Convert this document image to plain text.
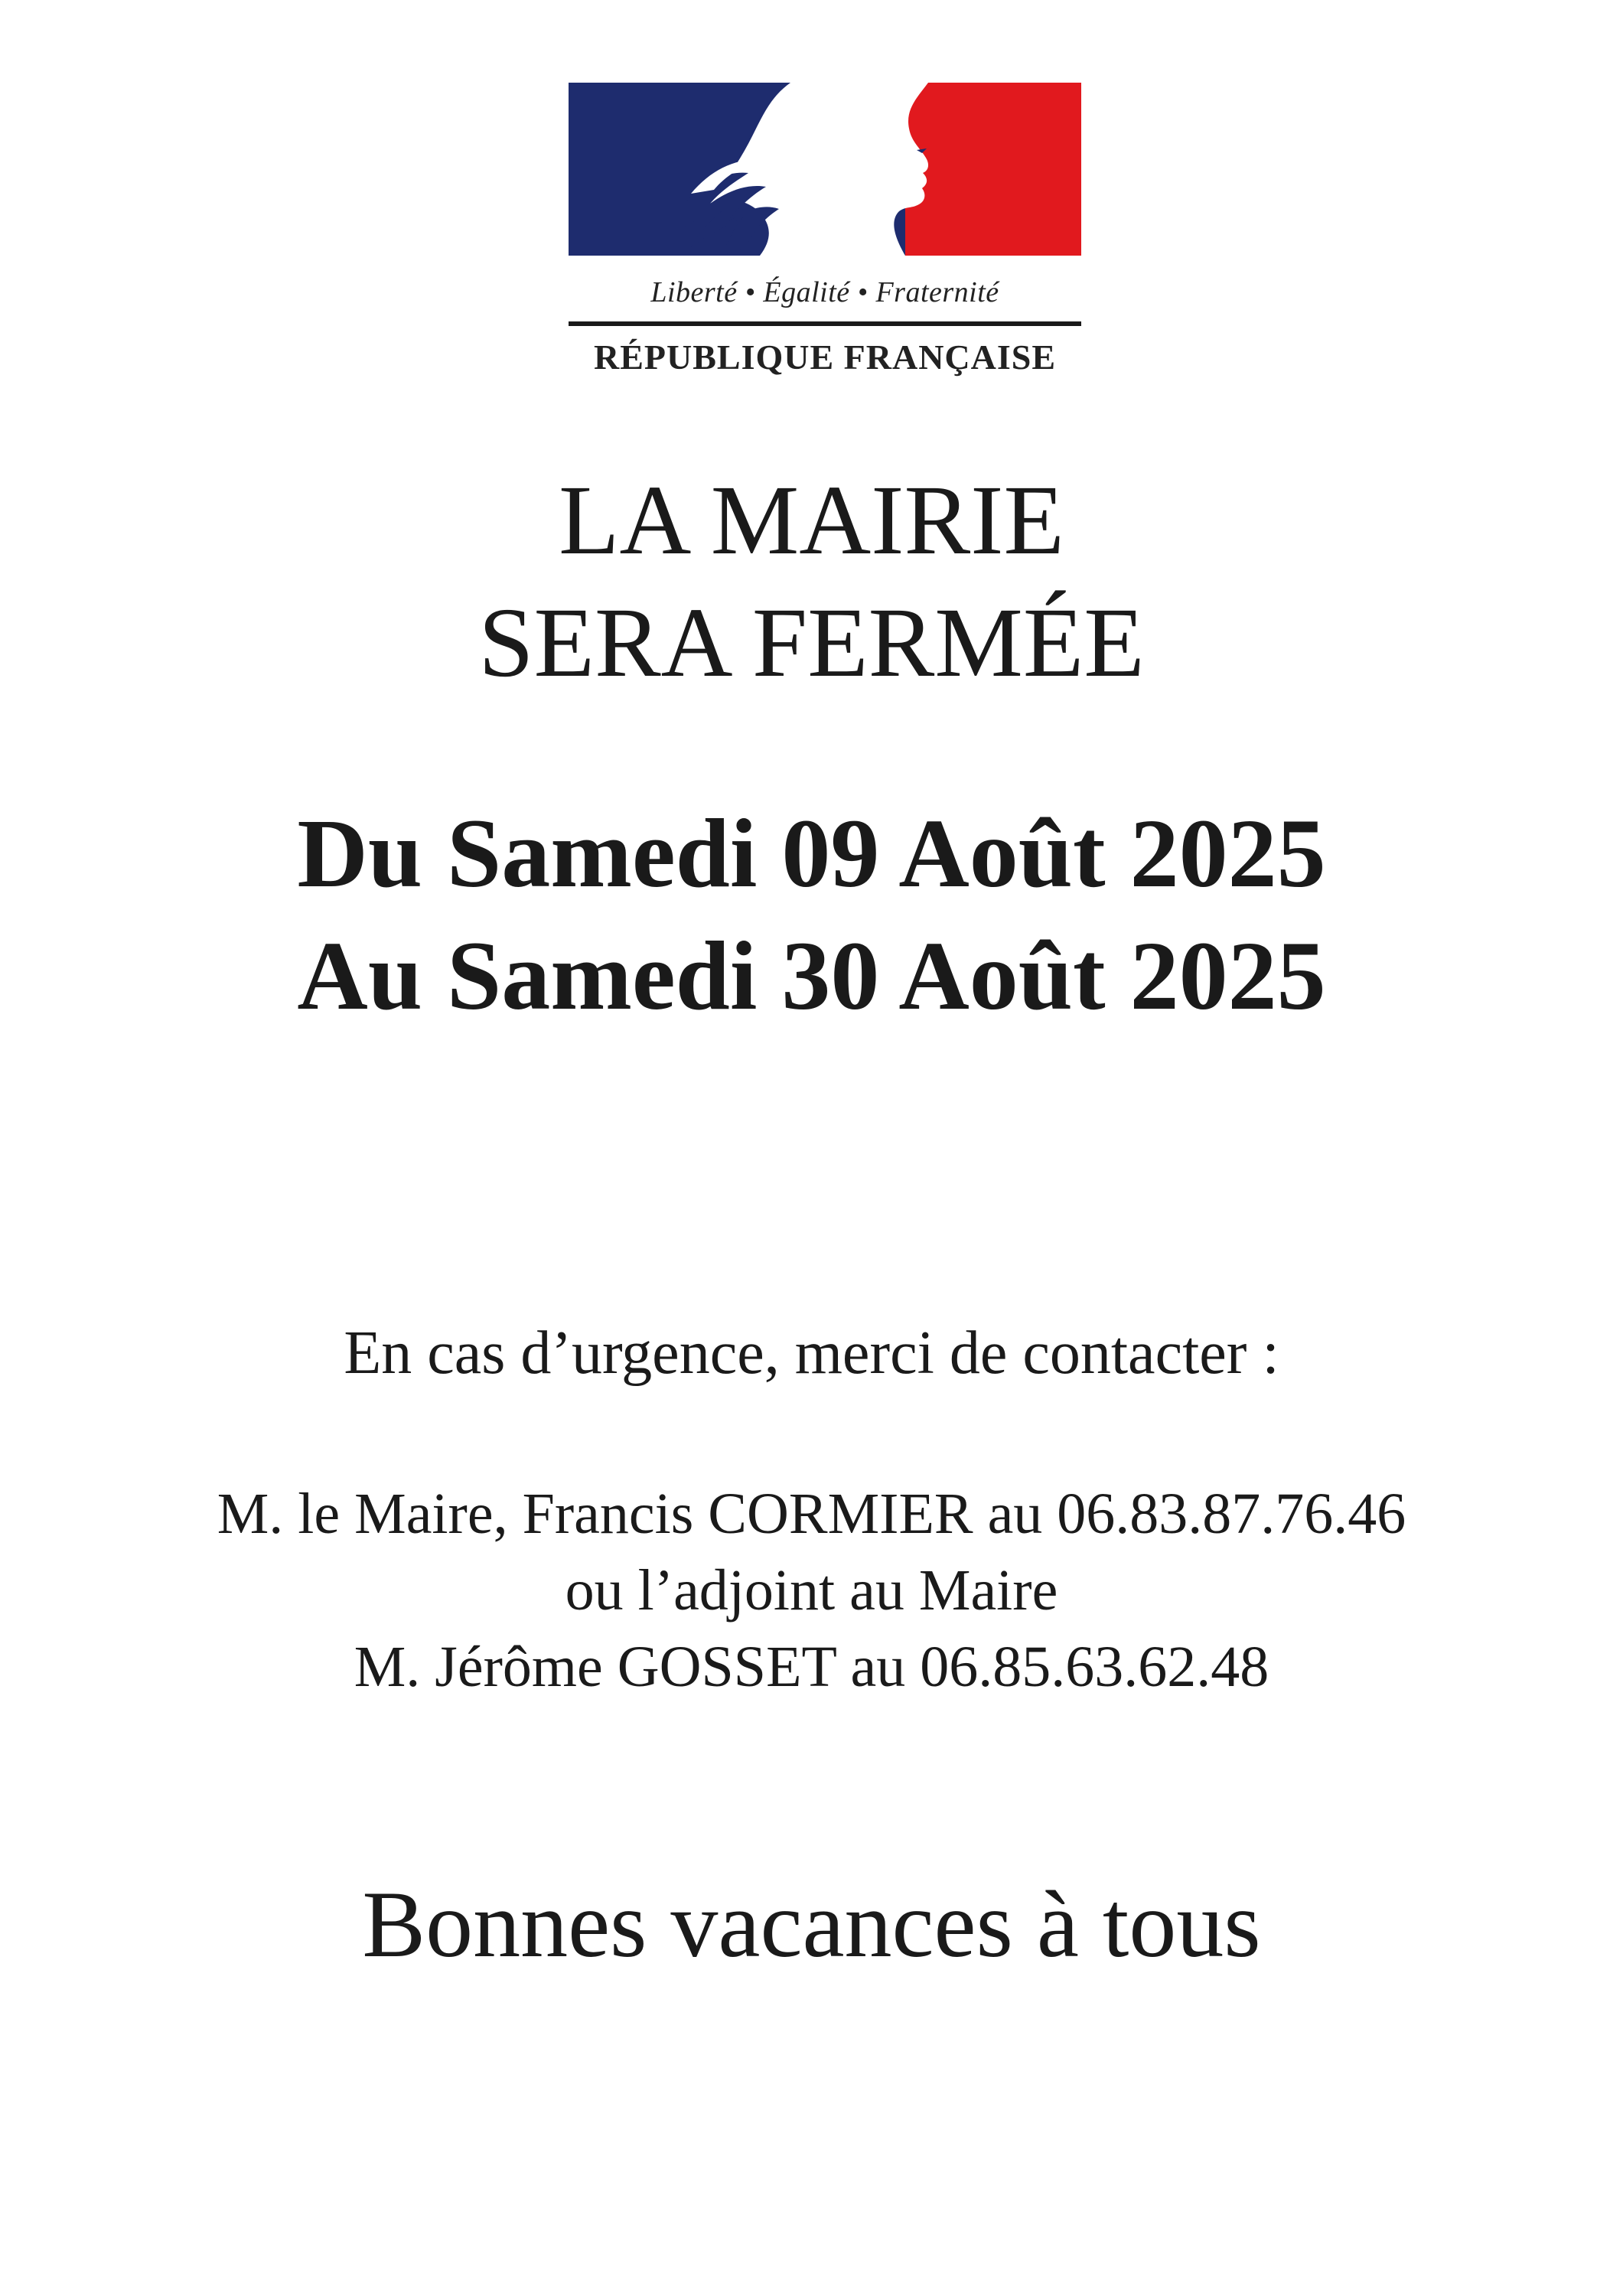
Liberté • Égalité • Fraternité
RÉPUBLIQUE FRANÇAISE
LA MAIRIE
SERA FERMÉE
Du Samedi 09 Août 2025
Au Samedi 30 Août 2025
En cas d’urgence, merci de contacter :
M. le Maire, Francis CORMIER au 06.83.87.76.46
ou l’adjoint au Maire
M. Jérôme GOSSET au 06.85.63.62.48
Bonnes vacances à tous
